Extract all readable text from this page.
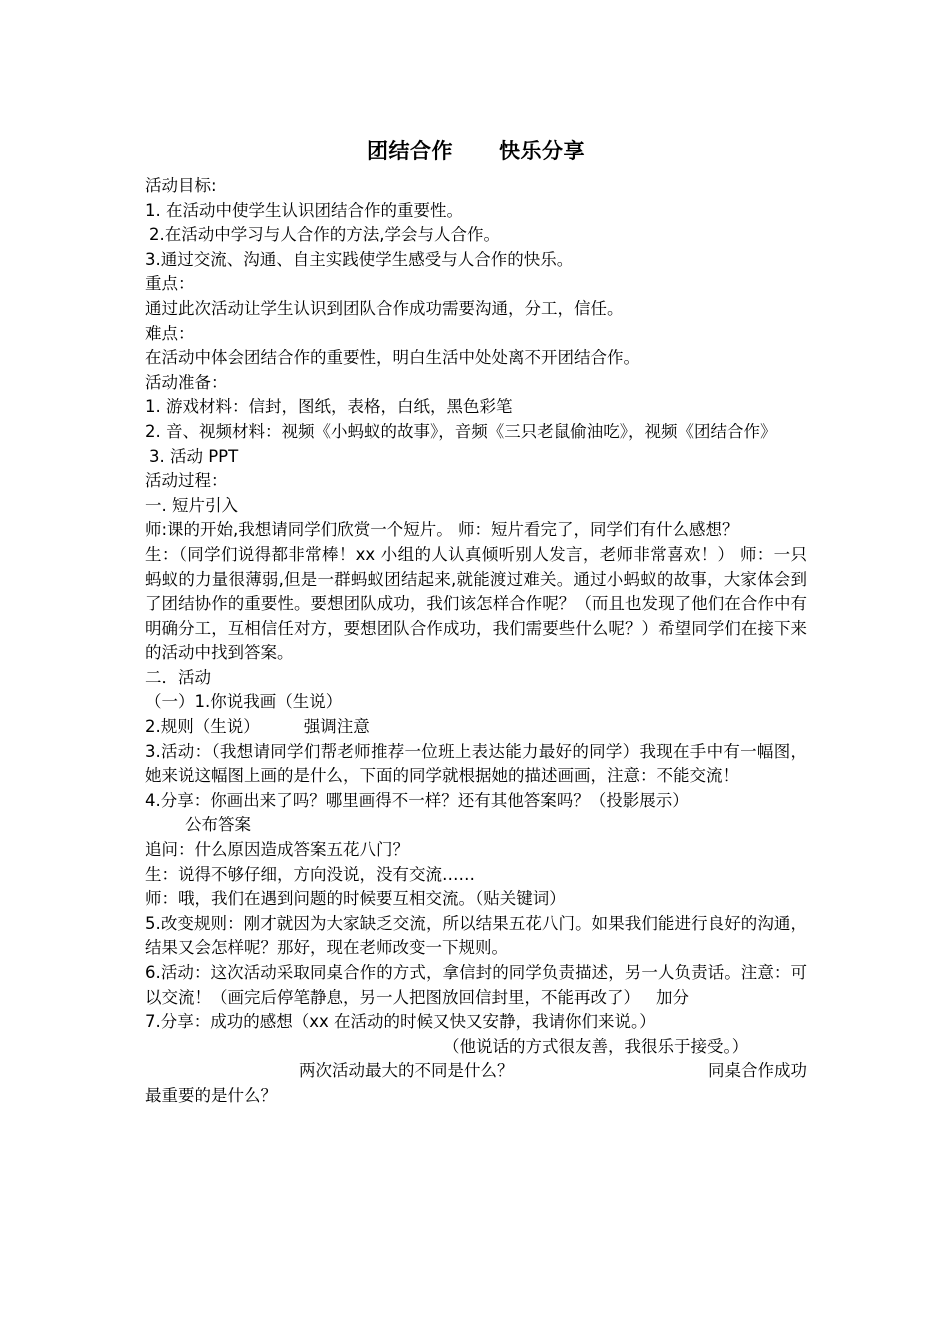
团结合作 快乐分享
活动目标:
1. 在活动中使学生认识团结合作的重要性。
2.在活动中学习与人合作的方法,学会与人合作。
3.通过交流、沟通、自主实践使学生感受与人合作的快乐。
重点：
通过此次活动让学生认识到团队合作成功需要沟通，分工，信任。
难点：
在活动中体会团结合作的重要性，明白生活中处处离不开团结合作。
活动准备：
1. 游戏材料：信封，图纸，表格，白纸，黑色彩笔
2. 音、视频材料：视频《小蚂蚁的故事》，音频《三只老鼠偷油吃》，视频《团结合作》
3. 活动 PPT
活动过程：
一. 短片引入
师:课的开始,我想请同学们欣赏一个短片。 师：短片看完了，同学们有什么感想？
生：（同学们说得都非常棒！xx 小组的人认真倾听别人发言，老师非常喜欢！） 师：一只蚂蚁的力量很薄弱,但是一群蚂蚁团结起来,就能渡过难关。通过小蚂蚁的故事，大家体会到了团结协作的重要性。要想团队成功，我们该怎样合作呢？（而且也发现了他们在合作中有明确分工，互相信任对方，要想团队合作成功，我们需要些什么呢？）希望同学们在接下来的活动中找到答案。
二．活动
（一）1.你说我画（生说）
2.规则（生说）	强调注意
3.活动：（我想请同学们帮老师推荐一位班上表达能力最好的同学）我现在手中有一幅图，她来说这幅图上画的是什么，下面的同学就根据她的描述画画，注意：不能交流！
4.分享：你画出来了吗？哪里画得不一样？还有其他答案吗？（投影展示）
公布答案
追问：什么原因造成答案五花八门？
生：说得不够仔细，方向没说，没有交流……
师：哦，我们在遇到问题的时候要互相交流。（贴关键词）
5.改变规则：刚才就因为大家缺乏交流，所以结果五花八门。如果我们能进行良好的沟通，结果又会怎样呢？那好，现在老师改变一下规则。
6.活动：这次活动采取同桌合作的方式，拿信封的同学负责描述，另一人负责话。注意：可以交流！（画完后停笔静息，另一人把图放回信封里，不能再改了） 加分
7.分享：成功的感想（xx 在活动的时候又快又安静，我请你们来说。）
（他说话的方式很友善，我很乐于接受。）
两次活动最大的不同是什么？	同桌合作成功
最重要的是什么？
